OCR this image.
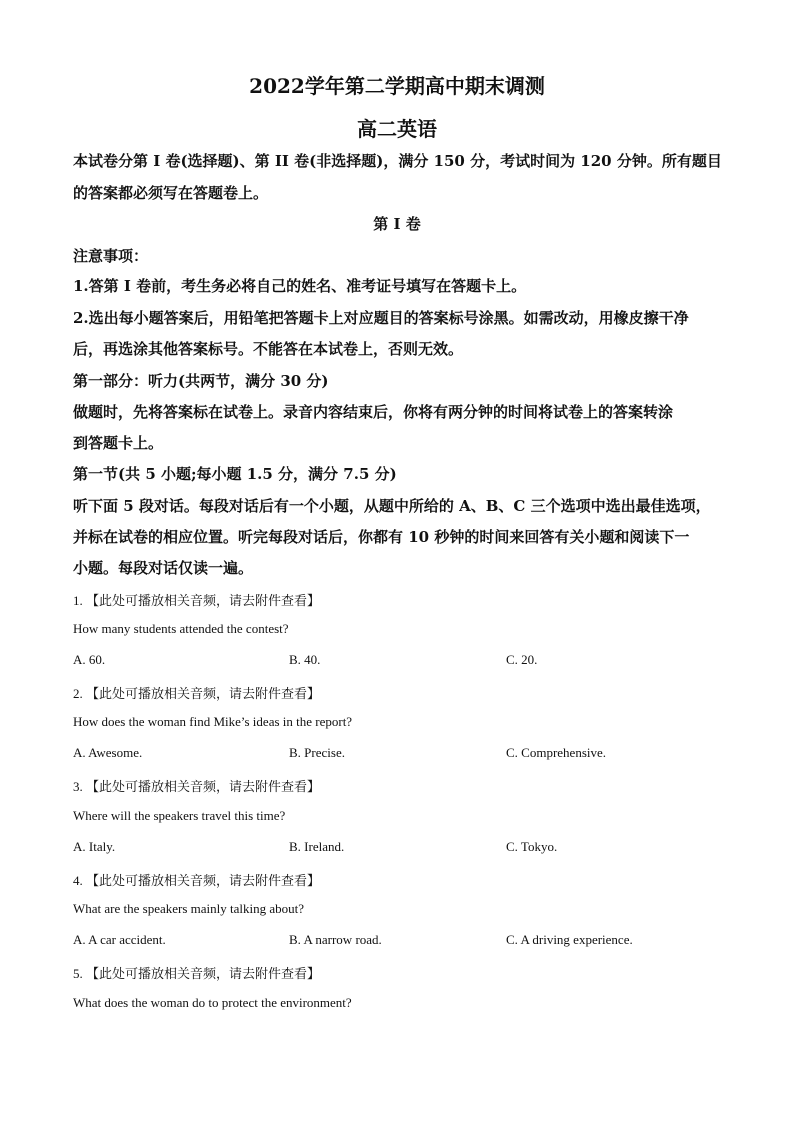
2022学年第二学期高中期末调测
高二英语
本试卷分第 I 卷(选择题)、第 II 卷(非选择题)，满分 150 分，考试时间为 120 分钟。所有题目
的答案都必须写在答题卷上。
第 I 卷
注意事项：
1.答第 I 卷前，考生务必将自己的姓名、准考证号填写在答题卡上。
2.选出每小题答案后，用铅笔把答题卡上对应题目的答案标号涂黑。如需改动，用橡皮擦干净
后，再选涂其他答案标号。不能答在本试卷上，否则无效。
第一部分：听力(共两节，满分 30 分)
做题时，先将答案标在试卷上。录音内容结束后，你将有两分钟的时间将试卷上的答案转涂
到答题卡上。
第一节(共 5 小题;每小题 1.5 分，满分 7.5 分)
听下面 5 段对话。每段对话后有一个小题，从题中所给的 A、B、C 三个选项中选出最佳选项，
并标在试卷的相应位置。听完每段对话后，你都有 10 秒钟的时间来回答有关小题和阅读下一
小题。每段对话仅读一遍。
1. 【此处可播放相关音频，请去附件查看】
How many students attended the contest?
A. 60.	B. 40.	C. 20.
2. 【此处可播放相关音频，请去附件查看】
How does the woman find Mike’s ideas in the report?
A. Awesome.	B. Precise.	C. Comprehensive.
3. 【此处可播放相关音频，请去附件查看】
Where will the speakers travel this time?
A. Italy.	B. Ireland.	C. Tokyo.
4. 【此处可播放相关音频，请去附件查看】
What are the speakers mainly talking about?
A. A car accident.	B. A narrow road.	C. A driving experience.
5. 【此处可播放相关音频，请去附件查看】
What does the woman do to protect the environment?
